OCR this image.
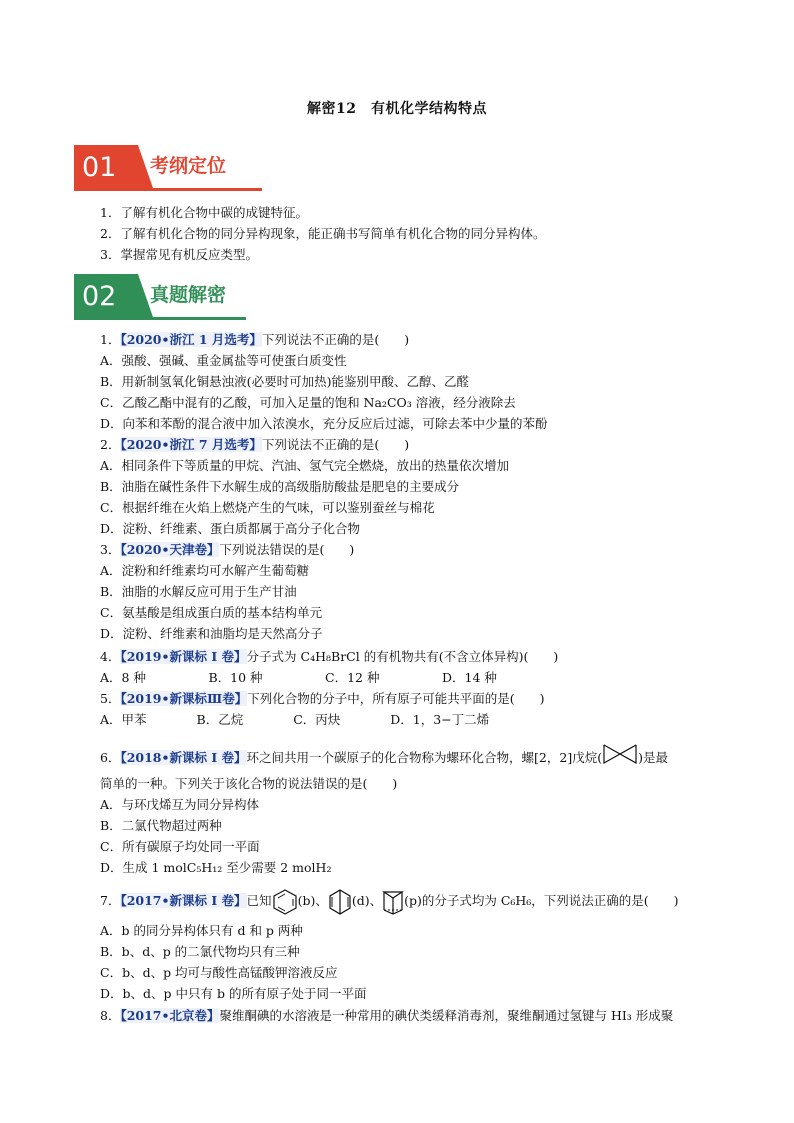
解密12　有机化学结构特点
01 考纲定位
1．了解有机化合物中碳的成键特征。
2．了解有机化合物的同分异构现象，能正确书写简单有机化合物的同分异构体。
3．掌握常见有机反应类型。
02 真题解密
1．【2020•浙江 1 月选考】下列说法不正确的是(　　)
A．强酸、强碱、重金属盐等可使蛋白质变性
B．用新制氢氧化铜悬浊液(必要时可加热)能鉴别甲酸、乙醇、乙醛
C．乙酸乙酯中混有的乙酸，可加入足量的饱和 Na₂CO₃ 溶液，经分液除去
D．向苯和苯酚的混合液中加入浓溴水，充分反应后过滤，可除去苯中少量的苯酚
2．【2020•浙江 7 月选考】下列说法不正确的是(　　)
A．相同条件下等质量的甲烷、汽油、氢气完全燃烧，放出的热量依次增加
B．油脂在碱性条件下水解生成的高级脂肪酸盐是肥皂的主要成分
C．根据纤维在火焰上燃烧产生的气味，可以鉴别蚕丝与棉花
D．淀粉、纤维素、蛋白质都属于高分子化合物
3．【2020•天津卷】下列说法错误的是(　　)
A．淀粉和纤维素均可水解产生葡萄糖
B．油脂的水解反应可用于生产甘油
C．氨基酸是组成蛋白质的基本结构单元
D．淀粉、纤维素和油脂均是天然高分子
4．【2019•新课标 I 卷】分子式为 C₄H₈BrCl 的有机物共有(不含立体异构)(　　)
A．8 种　　　　　B．10 种　　　　　C．12 种　　　　　D．14 种
5．【2019•新课标Ⅲ卷】下列化合物的分子中，所有原子可能共平面的是(　　)
A．甲苯　　　　B．乙烷　　　　C．丙炔　　　　D．1，3−丁二烯
6．【2018•新课标 I 卷】环之间共用一个碳原子的化合物称为螺环化合物，螺[2，2]戊烷(	)是最
简单的一种。下列关于该化合物的说法错误的是(　　)
A．与环戊烯互为同分异构体
B．二氯代物超过两种
C．所有碳原子均处同一平面
D．生成 1 molC₅H₁₂ 至少需要 2 molH₂
7．【2017•新课标 I 卷】已知 (b)、 (d)、 (p)的分子式均为 C₆H₆，下列说法正确的是(　　)
A．b 的同分异构体只有 d 和 p 两种
B．b、d、p 的二氯代物均只有三种
C．b、d、p 均可与酸性高锰酸钾溶液反应
D．b、d、p 中只有 b 的所有原子处于同一平面
8．【2017•北京卷】聚维酮碘的水溶液是一种常用的碘伏类缓释消毒剂，聚维酮通过氢键与 HI₃ 形成聚
